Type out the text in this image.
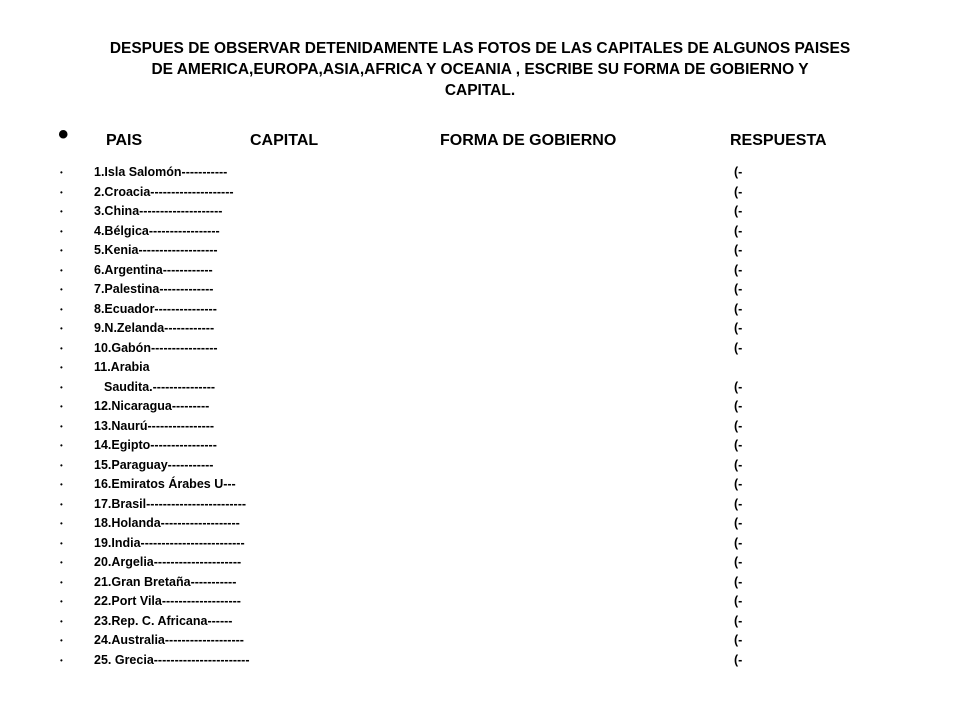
DESPUES DE OBSERVAR DETENIDAMENTE LAS FOTOS DE LAS CAPITALES DE ALGUNOS PAISES
DE AMERICA,EUROPA,ASIA,AFRICA Y OCEANIA , ESCRIBE SU FORMA DE GOBIERNO Y
CAPITAL.
• PAIS	CAPITAL	FORMA DE GOBIERNO	RESPUESTA
• 1.Isla Salomón-----------	(-
• 2.Croacia--------------------	(-
• 3.China--------------------	(-
• 4.Bélgica-----------------	(-
• 5.Kenia-------------------	(-
• 6.Argentina------------	(-
• 7.Palestina-------------	(-
• 8.Ecuador---------------	(-
• 9.N.Zelanda------------	(-
• 10.Gabón----------------	(-
• 11.Arabia
•	Saudita.---------------	(-
• 12.Nicaragua---------	(-
• 13.Naurú----------------	(-
• 14.Egipto----------------	(-
• 15.Paraguay-----------	(-
• 16.Emiratos Árabes U---	(-
• 17.Brasil------------------------	(-
• 18.Holanda-------------------	(-
• 19.India-------------------------	(-
• 20.Argelia---------------------	(-
• 21.Gran Bretaña-----------	(-
• 22.Port Vila-------------------	(-
• 23.Rep. C. Africana------	(-
• 24.Australia-------------------	(-
• 25. Grecia-----------------------	(-
